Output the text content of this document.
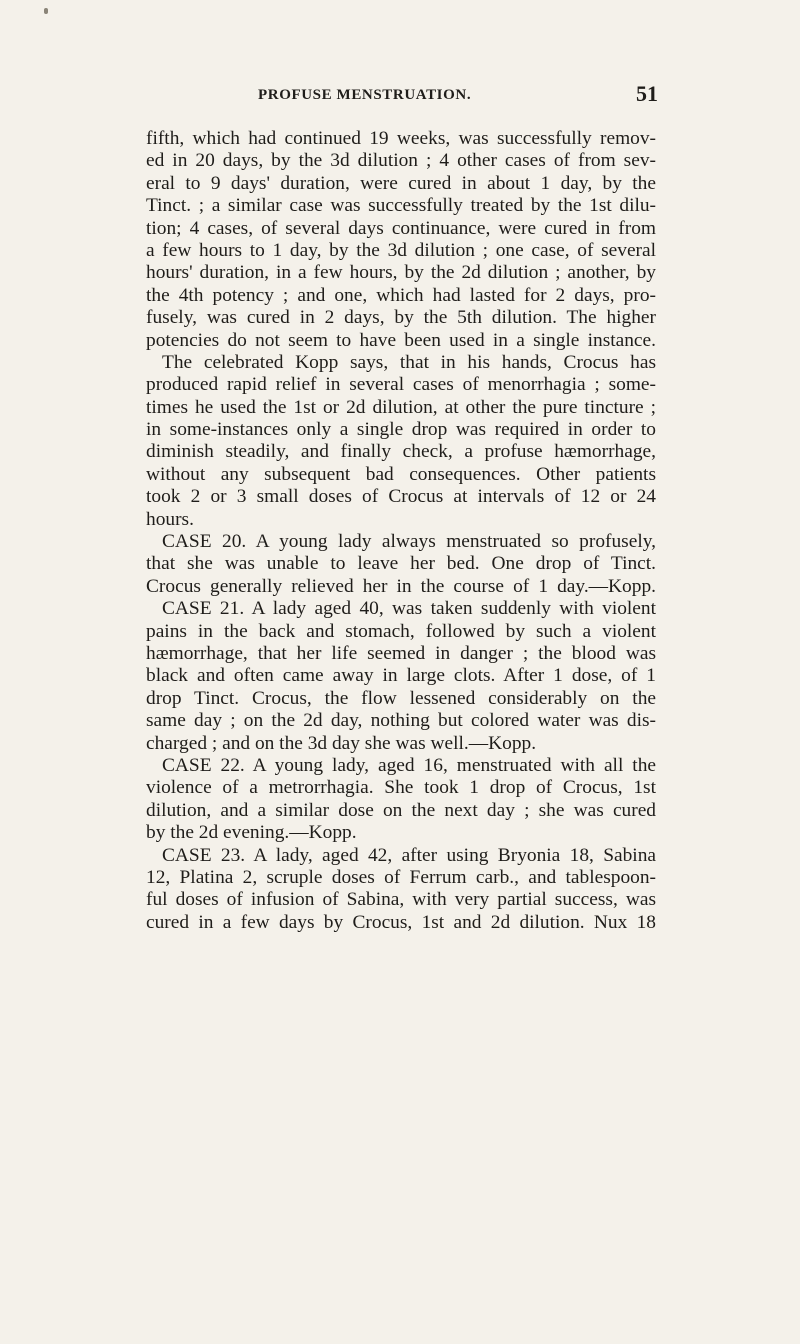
PROFUSE MENSTRUATION.	51
fifth, which had continued 19 weeks, was successfully remov-
ed in 20 days, by the 3d dilution ; 4 other cases of from sev-
eral to 9 days' duration, were cured in about 1 day, by the
Tinct. ; a similar case was successfully treated by the 1st dilu-
tion; 4 cases, of several days continuance, were cured in from
a few hours to 1 day, by the 3d dilution ; one case, of several
hours' duration, in a few hours, by the 2d dilution ; another, by
the 4th potency ; and one, which had lasted for 2 days, pro-
fusely, was cured in 2 days, by the 5th dilution. The higher
potencies do not seem to have been used in a single instance.
The celebrated Kopp says, that in his hands, Crocus has
produced rapid relief in several cases of menorrhagia ; some-
times he used the 1st or 2d dilution, at other the pure tincture ;
in some-instances only a single drop was required in order to
diminish steadily, and finally check, a profuse hæmorrhage,
without any subsequent bad consequences. Other patients
took 2 or 3 small doses of Crocus at intervals of 12 or 24
hours.
CASE 20. A young lady always menstruated so profusely,
that she was unable to leave her bed. One drop of Tinct.
Crocus generally relieved her in the course of 1 day.—Kopp.
CASE 21. A lady aged 40, was taken suddenly with violent
pains in the back and stomach, followed by such a violent
hæmorrhage, that her life seemed in danger ; the blood was
black and often came away in large clots. After 1 dose, of 1
drop Tinct. Crocus, the flow lessened considerably on the
same day ; on the 2d day, nothing but colored water was dis-
charged ; and on the 3d day she was well.—Kopp.
CASE 22. A young lady, aged 16, menstruated with all the
violence of a metrorrhagia. She took 1 drop of Crocus, 1st
dilution, and a similar dose on the next day ; she was cured
by the 2d evening.—Kopp.
CASE 23. A lady, aged 42, after using Bryonia 18, Sabina
12, Platina 2, scruple doses of Ferrum carb., and tablespoon-
ful doses of infusion of Sabina, with very partial success, was
cured in a few days by Crocus, 1st and 2d dilution. Nux 18
